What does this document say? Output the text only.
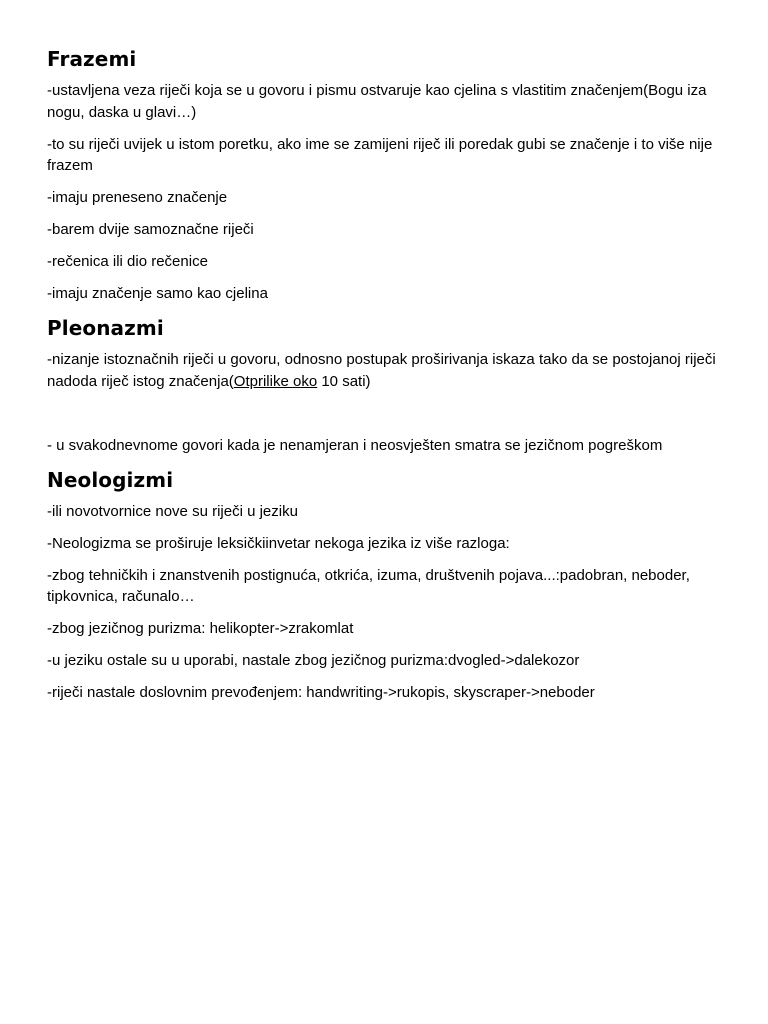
Frazemi

-ustavljena veza riječi koja se u govoru i pismu ostvaruje kao cjelina s vlastitim značenjem(Bogu iza nogu, daska u glavi…)

-to su riječi uvijek u istom poretku, ako ime se zamijeni riječ ili poredak gubi se značenje i to više nije frazem

-imaju preneseno značenje

-barem dvije samoznačne riječi

-rečenica ili dio rečenice

-imaju značenje samo kao cjelina

Pleonazmi

-nizanje istoznačnih riječi u govoru, odnosno postupak proširivanja iskaza tako da se postojanoj riječi nadoda riječ istog značenja(Otprilike oko 10 sati)

- u svakodnevnome govori kada je nenamjeran i neosvješten smatra se jezičnom pogreškom

Neologizmi

-ili novotvornice nove su riječi u jeziku

-Neologizma se proširuje leksičkiinvetar nekoga jezika iz više razloga:

-zbog tehničkih i znanstvenih postignuća, otkrića, izuma, društvenih pojava...:padobran, neboder, tipkovnica, računalo…

-zbog jezičnog purizma: helikopter->zrakomlat

-u jeziku ostale su u uporabi, nastale zbog jezičnog purizma:dvogled->dalekozor

-riječi nastale doslovnim prevođenjem: handwriting->rukopis, skyscraper->neboder
